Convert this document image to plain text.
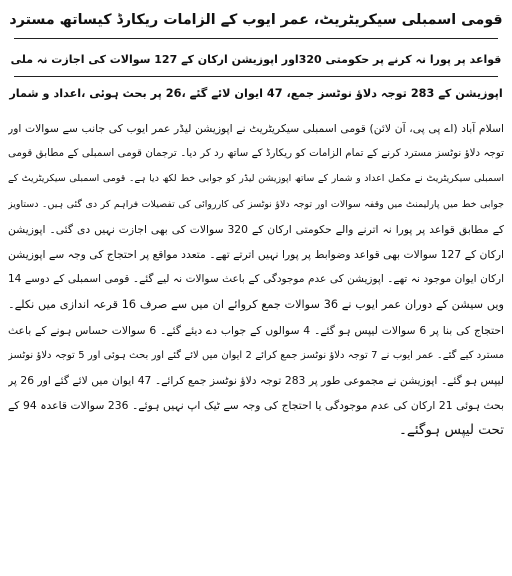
قومی اسمبلی سیکریٹریٹ، عمر ایوب کے الزامات ریکارڈ کیساتھ مسترد
قواعد پر پورا نہ کرنے پر حکومتی 320اور اپوزیشن ارکان کے 127 سوالات کی اجازت نہ ملی
اپوزیشن کے 283 توجہ دلاؤ نوٹسز جمع، 47 ایوان لائے گئے ،26 پر بحث ہوئی ،اعداد و شمار
اسلام آباد (اے پی پی، آن لائن) قومی اسمبلی سیکریٹریٹ نے اپوزیشن لیڈر عمر ایوب کی جانب سے سوالات اور
توجہ دلاؤ نوٹسز مسترد کرنے کے تمام الزامات کو ریکارڈ کے ساتھ رد کر دیا۔ ترجمان قومی اسمبلی کے مطابق قومی
اسمبلی سیکریٹریٹ نے مکمل اعداد و شمار کے ساتھ اپوزیشن لیڈر کو جوابی خط لکھ دیا ہے۔ قومی اسمبلی سیکریٹریٹ کے
جوابی خط میں پارلیمنٹ میں وقفہ سوالات اور توجہ دلاؤ نوٹسز کی کارروائی کی تفصیلات فراہم کر دی گئی ہیں۔ دستاویز
کے مطابق قواعد پر پورا نہ اترنے والے حکومتی ارکان کے 320 سوالات کی بھی اجازت نہیں دی گئی۔ اپوزیشن
ارکان کے 127 سوالات بھی قواعد وضوابط پر پورا نہیں اترتے تھے۔ متعدد مواقع پر احتجاج کی وجہ سے اپوزیشن
ارکان ایوان موجود نہ تھے۔ اپوزیشن کی عدم موجودگی کے باعث سوالات نہ لیے گئے۔ قومی اسمبلی کے دوسے 14
ویں سیشن کے دوران عمر ایوب نے 36 سوالات جمع کروائے ان میں سے صرف 16 قرعہ اندازی میں نکلے۔
احتجاج کی بنا پر 6 سوالات لیپس ہو گئے۔ 4 سوالوں کے جواب دے دیئے گئے۔ 6 سوالات حساس ہونے کے باعث
مسترد کیے گئے۔ عمر ایوب نے 7 توجہ دلاؤ نوٹسز جمع کرائے 2 ایوان میں لائے گئے اور بحث ہوئی اور 5 توجہ دلاؤ نوٹسز
لیپس ہو گئے۔ اپوزیشن نے مجموعی طور پر 283 توجہ دلاؤ نوٹسز جمع کرائے۔ 47 ایوان میں لائے گئے اور 26 پر
بحث ہوئی 21 ارکان کی عدم موجودگی یا احتجاج کی وجہ سے ٹیک اپ نہیں ہوئے۔ 236 سوالات قاعدہ 94 کے
تحت لیپس ہوگئے۔
